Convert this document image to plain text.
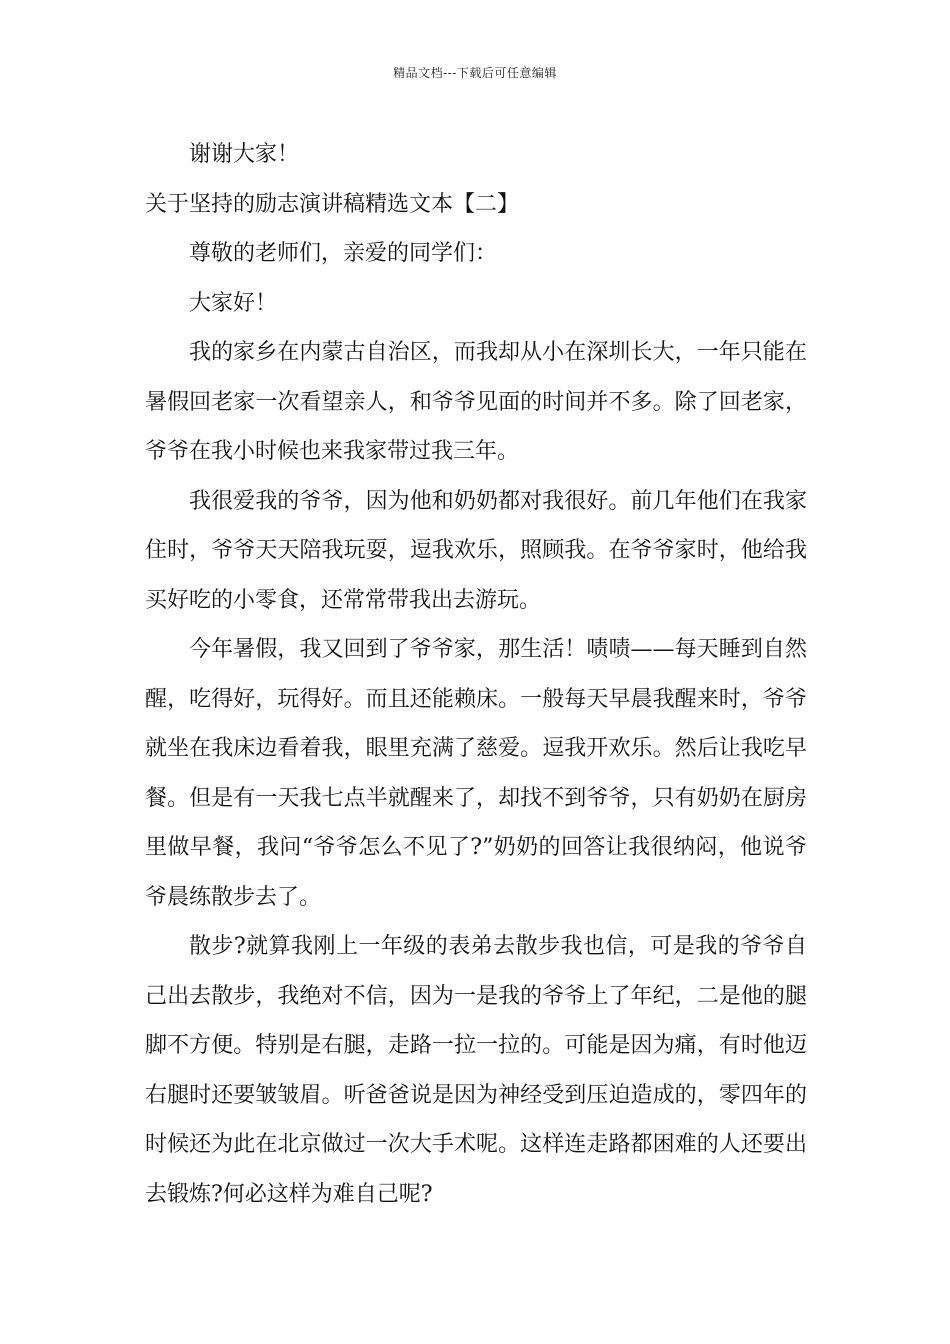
精品文档---下载后可任意编辑

谢谢大家！

关于坚持的励志演讲稿精选文本【二】

尊敬的老师们，亲爱的同学们：

大家好！

我的家乡在内蒙古自治区，而我却从小在深圳长大，一年只能在暑假回老家一次看望亲人，和爷爷见面的时间并不多。除了回老家，爷爷在我小时候也来我家带过我三年。

我很爱我的爷爷，因为他和奶奶都对我很好。前几年他们在我家住时，爷爷天天陪我玩耍，逗我欢乐，照顾我。在爷爷家时，他给我买好吃的小零食，还常常带我出去游玩。

今年暑假，我又回到了爷爷家，那生活！啧啧——每天睡到自然醒，吃得好，玩得好。而且还能赖床。一般每天早晨我醒来时，爷爷就坐在我床边看着我，眼里充满了慈爱。逗我开欢乐。然后让我吃早餐。但是有一天我七点半就醒来了，却找不到爷爷，只有奶奶在厨房里做早餐，我问“爷爷怎么不见了?”奶奶的回答让我很纳闷，他说爷爷晨练散步去了。

散步?就算我刚上一年级的表弟去散步我也信，可是我的爷爷自己出去散步，我绝对不信，因为一是我的爷爷上了年纪，二是他的腿脚不方便。特别是右腿，走路一拉一拉的。可能是因为痛，有时他迈右腿时还要皱皱眉。听爸爸说是因为神经受到压迫造成的，零四年的时候还为此在北京做过一次大手术呢。这样连走路都困难的人还要出去锻炼?何必这样为难自己呢?
